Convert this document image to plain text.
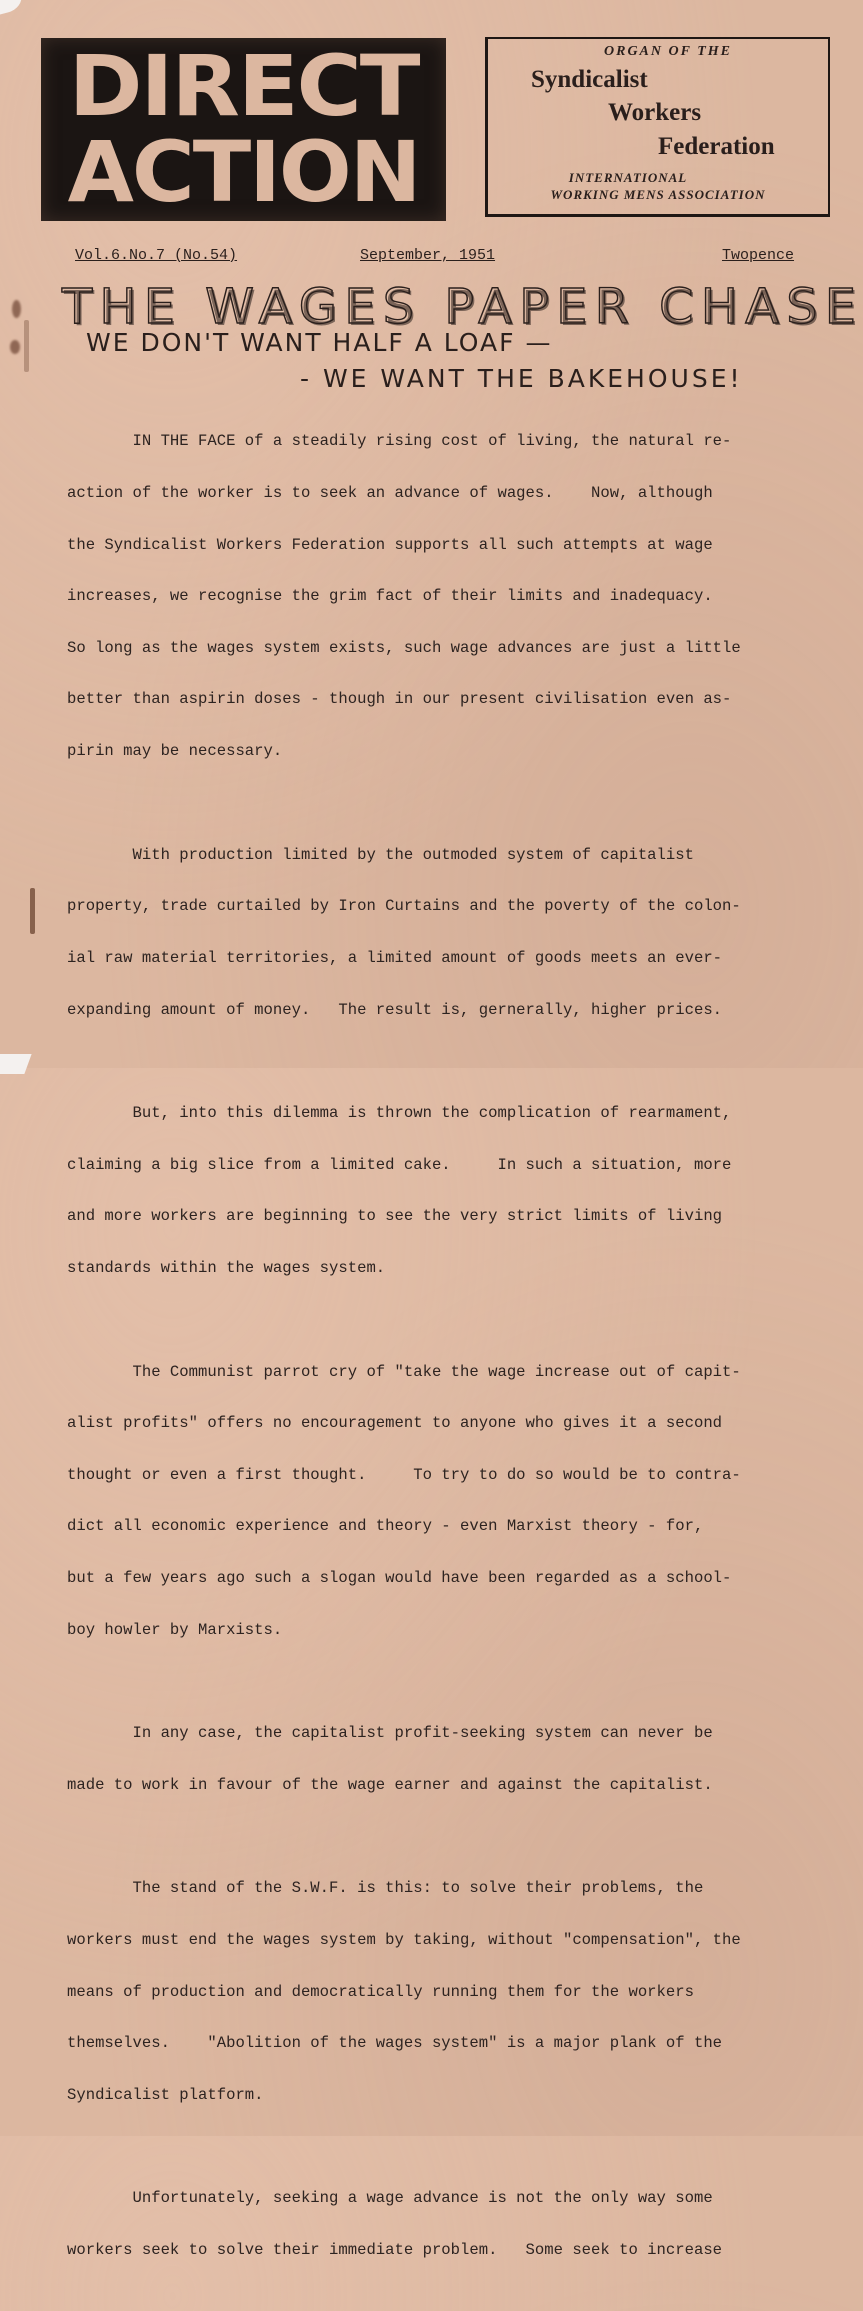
DIRECT
ACTION
ORGAN OF THE
Syndicalist
Workers
Federation
INTERNATIONAL
WORKING MENS ASSOCIATION
Vol.6.No.7 (No.54)	September, 1951	Twopence
THE WAGES PAPER CHASE
WE DON'T WANT HALF A LOAF —
- WE WANT THE BAKEHOUSE!

IN THE FACE of a steadily rising cost of living, the natural re-

action of the worker is to seek an advance of wages.    Now, although

the Syndicalist Workers Federation supports all such attempts at wage

increases, we recognise the grim fact of their limits and inadequacy.

So long as the wages system exists, such wage advances are just a little

better than aspirin doses - though in our present civilisation even as-

pirin may be necessary.

With production limited by the outmoded system of capitalist

property, trade curtailed by Iron Curtains and the poverty of the colon-

ial raw material territories, a limited amount of goods meets an ever-

expanding amount of money.   The result is, gernerally, higher prices.

But, into this dilemma is thrown the complication of rearmament,

claiming a big slice from a limited cake.     In such a situation, more

and more workers are beginning to see the very strict limits of living

standards within the wages system.

The Communist parrot cry of "take the wage increase out of capit-

alist profits" offers no encouragement to anyone who gives it a second

thought or even a first thought.     To try to do so would be to contra-

dict all economic experience and theory - even Marxist theory - for,

but a few years ago such a slogan would have been regarded as a school-

boy howler by Marxists.

In any case, the capitalist profit-seeking system can never be

made to work in favour of the wage earner and against the capitalist.

The stand of the S.W.F. is this: to solve their problems, the

workers must end the wages system by taking, without "compensation", the

means of production and democratically running them for the workers

themselves.    "Abolition of the wages system" is a major plank of the

Syndicalist platform.

Unfortunately, seeking a wage advance is not the only way some

workers seek to solve their immediate problem.   Some seek to increase
